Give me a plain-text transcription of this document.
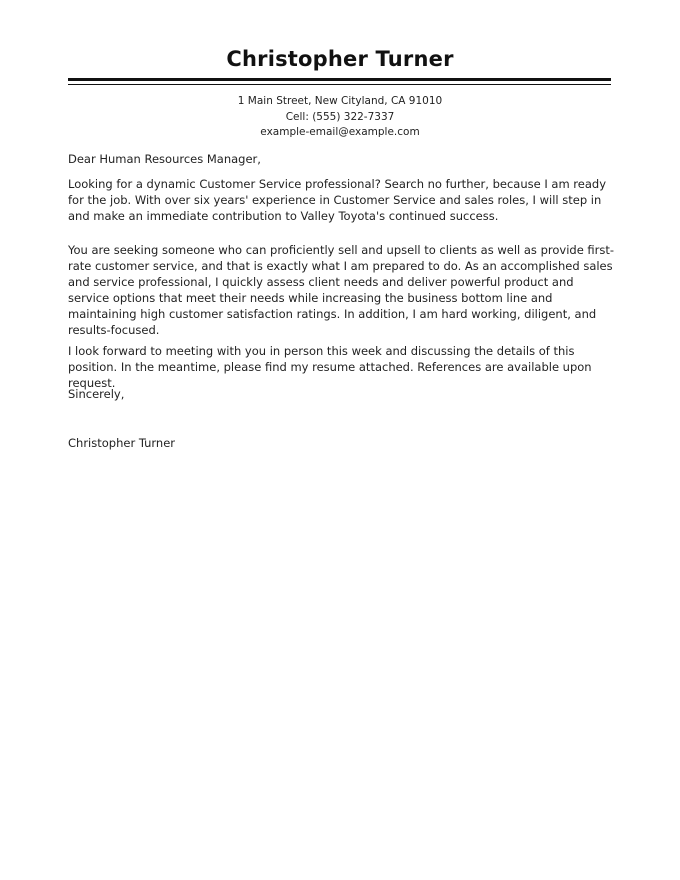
Christopher Turner
1 Main Street, New Cityland, CA 91010
Cell: (555) 322-7337
example-email@example.com

Dear Human Resources Manager,

Looking for a dynamic Customer Service professional? Search no further, because I am ready for the job. With over six years' experience in Customer Service and sales roles, I will step in and make an immediate contribution to Valley Toyota's continued success.

You are seeking someone who can proficiently sell and upsell to clients as well as provide first-rate customer service, and that is exactly what I am prepared to do. As an accomplished sales and service professional, I quickly assess client needs and deliver powerful product and service options that meet their needs while increasing the business bottom line and maintaining high customer satisfaction ratings. In addition, I am hard working, diligent, and results-focused.

I look forward to meeting with you in person this week and discussing the details of this position. In the meantime, please find my resume attached. References are available upon request.

Sincerely,

Christopher Turner
